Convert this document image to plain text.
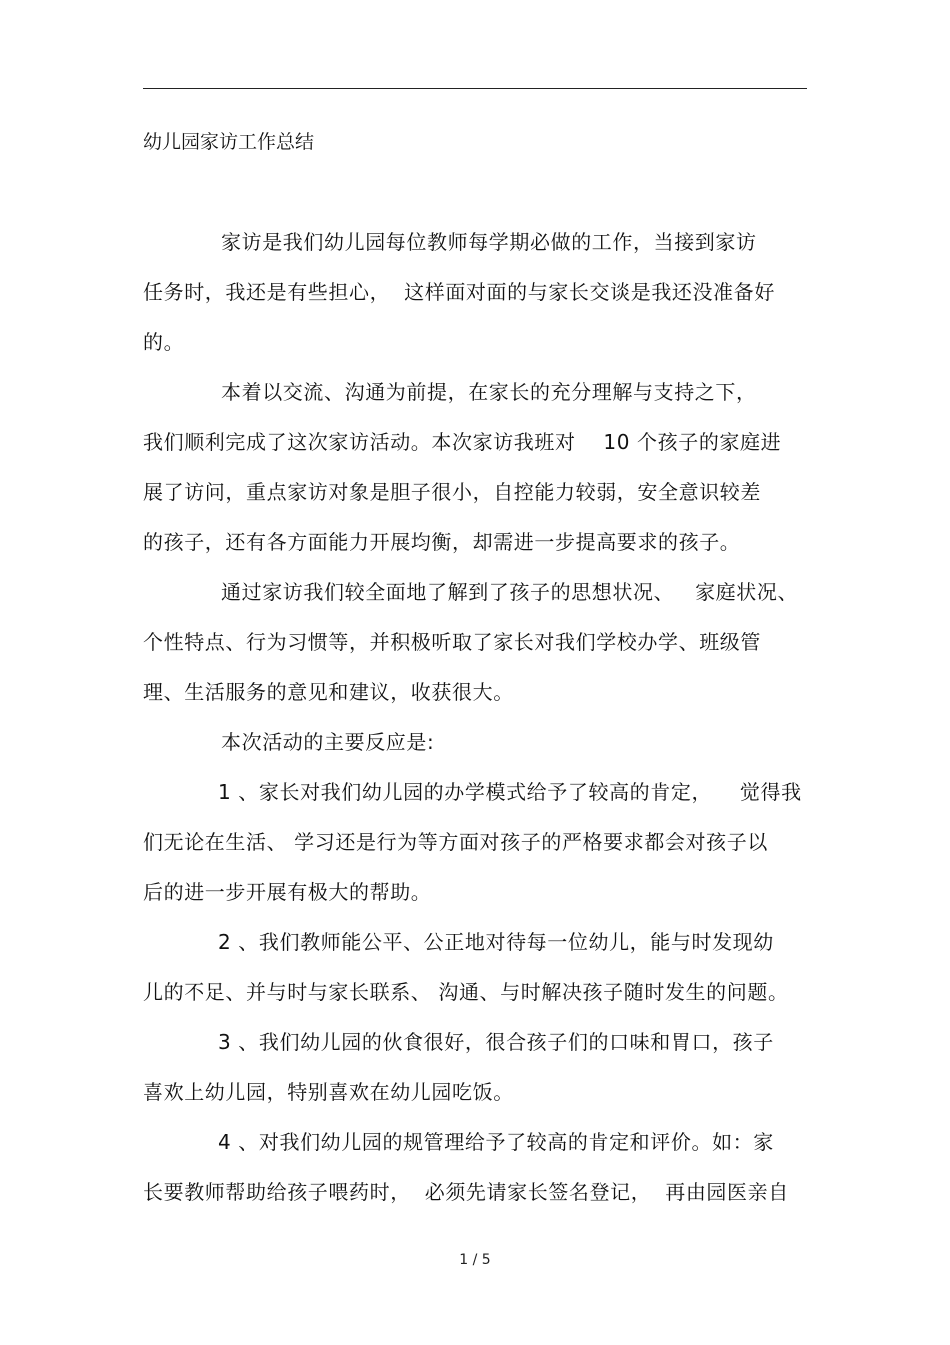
幼儿园家访工作总结
家访是我们幼儿园每位教师每学期必做的工作，当接到家访
任务时，我还是有些担心，  这样面对面的与家长交谈是我还没准备好
的。
本着以交流、沟通为前提，在家长的充分理解与支持之下，
我们顺利完成了这次家访活动。本次家访我班对    10 个孩子的家庭进
展了访问，重点家访对象是胆子很小，自控能力较弱，安全意识较差
的孩子，还有各方面能力开展均衡，却需进一步提高要求的孩子。
通过家访我们较全面地了解到了孩子的思想状况、   家庭状况、
个性特点、行为习惯等，并积极听取了家长对我们学校办学、班级管
理、生活服务的意见和建议，收获很大。
本次活动的主要反应是:
1 、家长对我们幼儿园的办学模式给予了较高的肯定，    觉得我
们无论在生活、 学习还是行为等方面对孩子的严格要求都会对孩子以
后的进一步开展有极大的帮助。
2 、我们教师能公平、公正地对待每一位幼儿，能与时发现幼
儿的不足、并与时与家长联系、 沟通、与时解决孩子随时发生的问题。
3 、我们幼儿园的伙食很好，很合孩子们的口味和胃口，孩子
喜欢上幼儿园，特别喜欢在幼儿园吃饭。
4 、对我们幼儿园的规管理给予了较高的肯定和评价。如：家
长要教师帮助给孩子喂药时，  必须先请家长签名登记，  再由园医亲自
1 / 5
